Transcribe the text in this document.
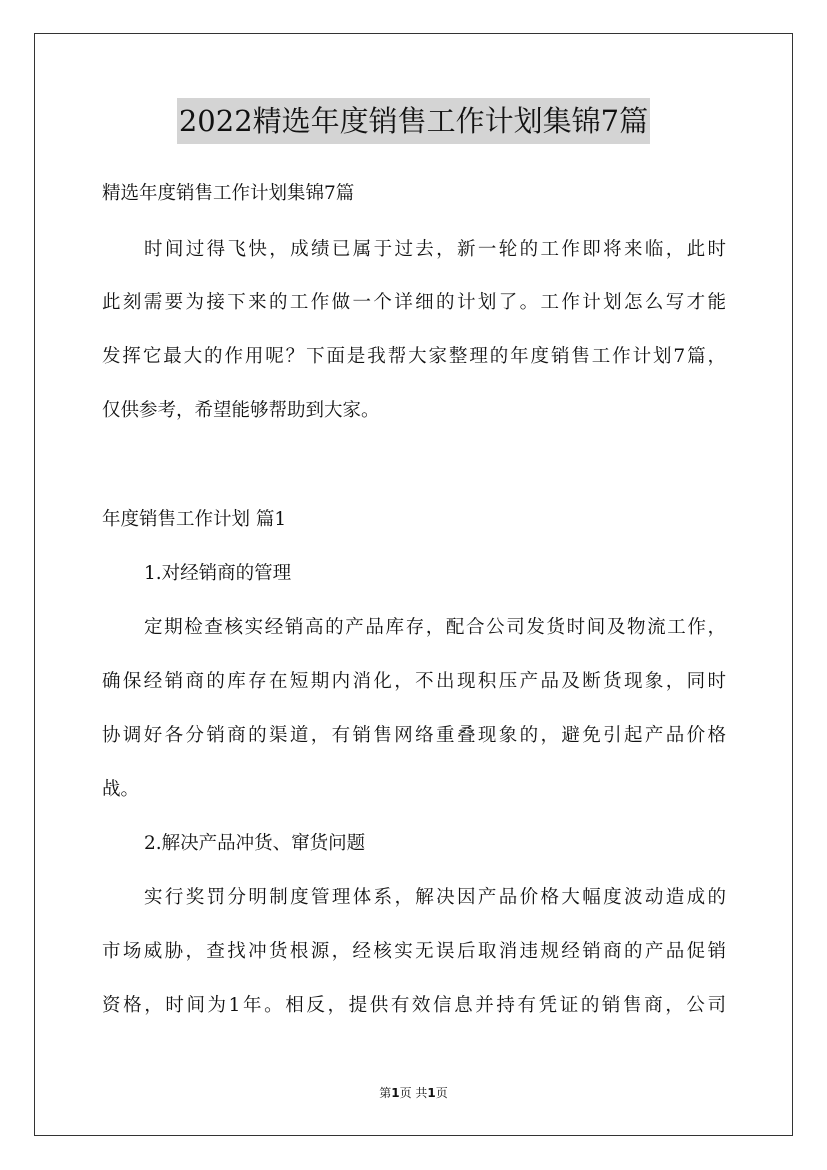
2022精选年度销售工作计划集锦7篇
精选年度销售工作计划集锦7篇
时间过得飞快，成绩已属于过去，新一轮的工作即将来临，此时
此刻需要为接下来的工作做一个详细的计划了。工作计划怎么写才能
发挥它最大的作用呢？下面是我帮大家整理的年度销售工作计划7篇，
仅供参考，希望能够帮助到大家。
年度销售工作计划 篇1
1.对经销商的管理
定期检查核实经销高的产品库存，配合公司发货时间及物流工作，
确保经销商的库存在短期内消化，不出现积压产品及断货现象，同时
协调好各分销商的渠道，有销售网络重叠现象的，避免引起产品价格
战。
2.解决产品冲货、窜货问题
实行奖罚分明制度管理体系，解决因产品价格大幅度波动造成的
市场威胁，查找冲货根源，经核实无误后取消违规经销商的产品促销
资格，时间为1年。相反，提供有效信息并持有凭证的销售商，公司
第1页 共1页
